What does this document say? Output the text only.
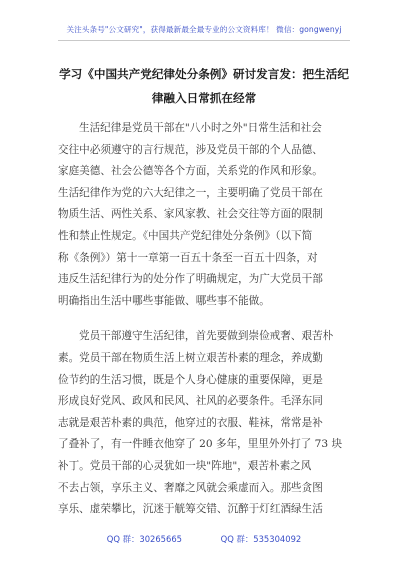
关注头条号"公文研究"，获得最新最全最专业的公文资料库！ 微信：gongwenyj
学习《中国共产党纪律处分条例》研讨发言发：把生活纪
律融入日常抓在经常
生活纪律是党员干部在"八小时之外"日常生活和社会
交往中必须遵守的言行规范，涉及党员干部的个人品德、
家庭美德、社会公德等各个方面，关系党的作风和形象。
生活纪律作为党的六大纪律之一，主要明确了党员干部在
物质生活、两性关系、家风家教、社会交往等方面的限制
性和禁止性规定。《中国共产党纪律处分条例》（以下简
称《条例》）第十一章第一百五十条至一百五十四条，对
违反生活纪律行为的处分作了明确规定，为广大党员干部
明确指出生活中哪些事能做、哪些事不能做。
党员干部遵守生活纪律，首先要做到崇俭戒奢、艰苦朴
素。党员干部在物质生活上树立艰苦朴素的理念，养成勤
俭节约的生活习惯，既是个人身心健康的重要保障，更是
形成良好党风、政风和民风、社风的必要条件。毛泽东同
志就是艰苦朴素的典范，他穿过的衣服、鞋袜，常常是补
了叠补了，有一件睡衣他穿了 20 多年，里里外外打了 73 块
补丁。党员干部的心灵犹如一块"阵地"，艰苦朴素之风
不去占领，享乐主义、奢靡之风就会乘虚而入。那些贪图
享乐、虚荣攀比，沉迷于觥筹交错、沉醉于灯红酒绿生活
QQ 群：30265665	QQ 群：535304092
